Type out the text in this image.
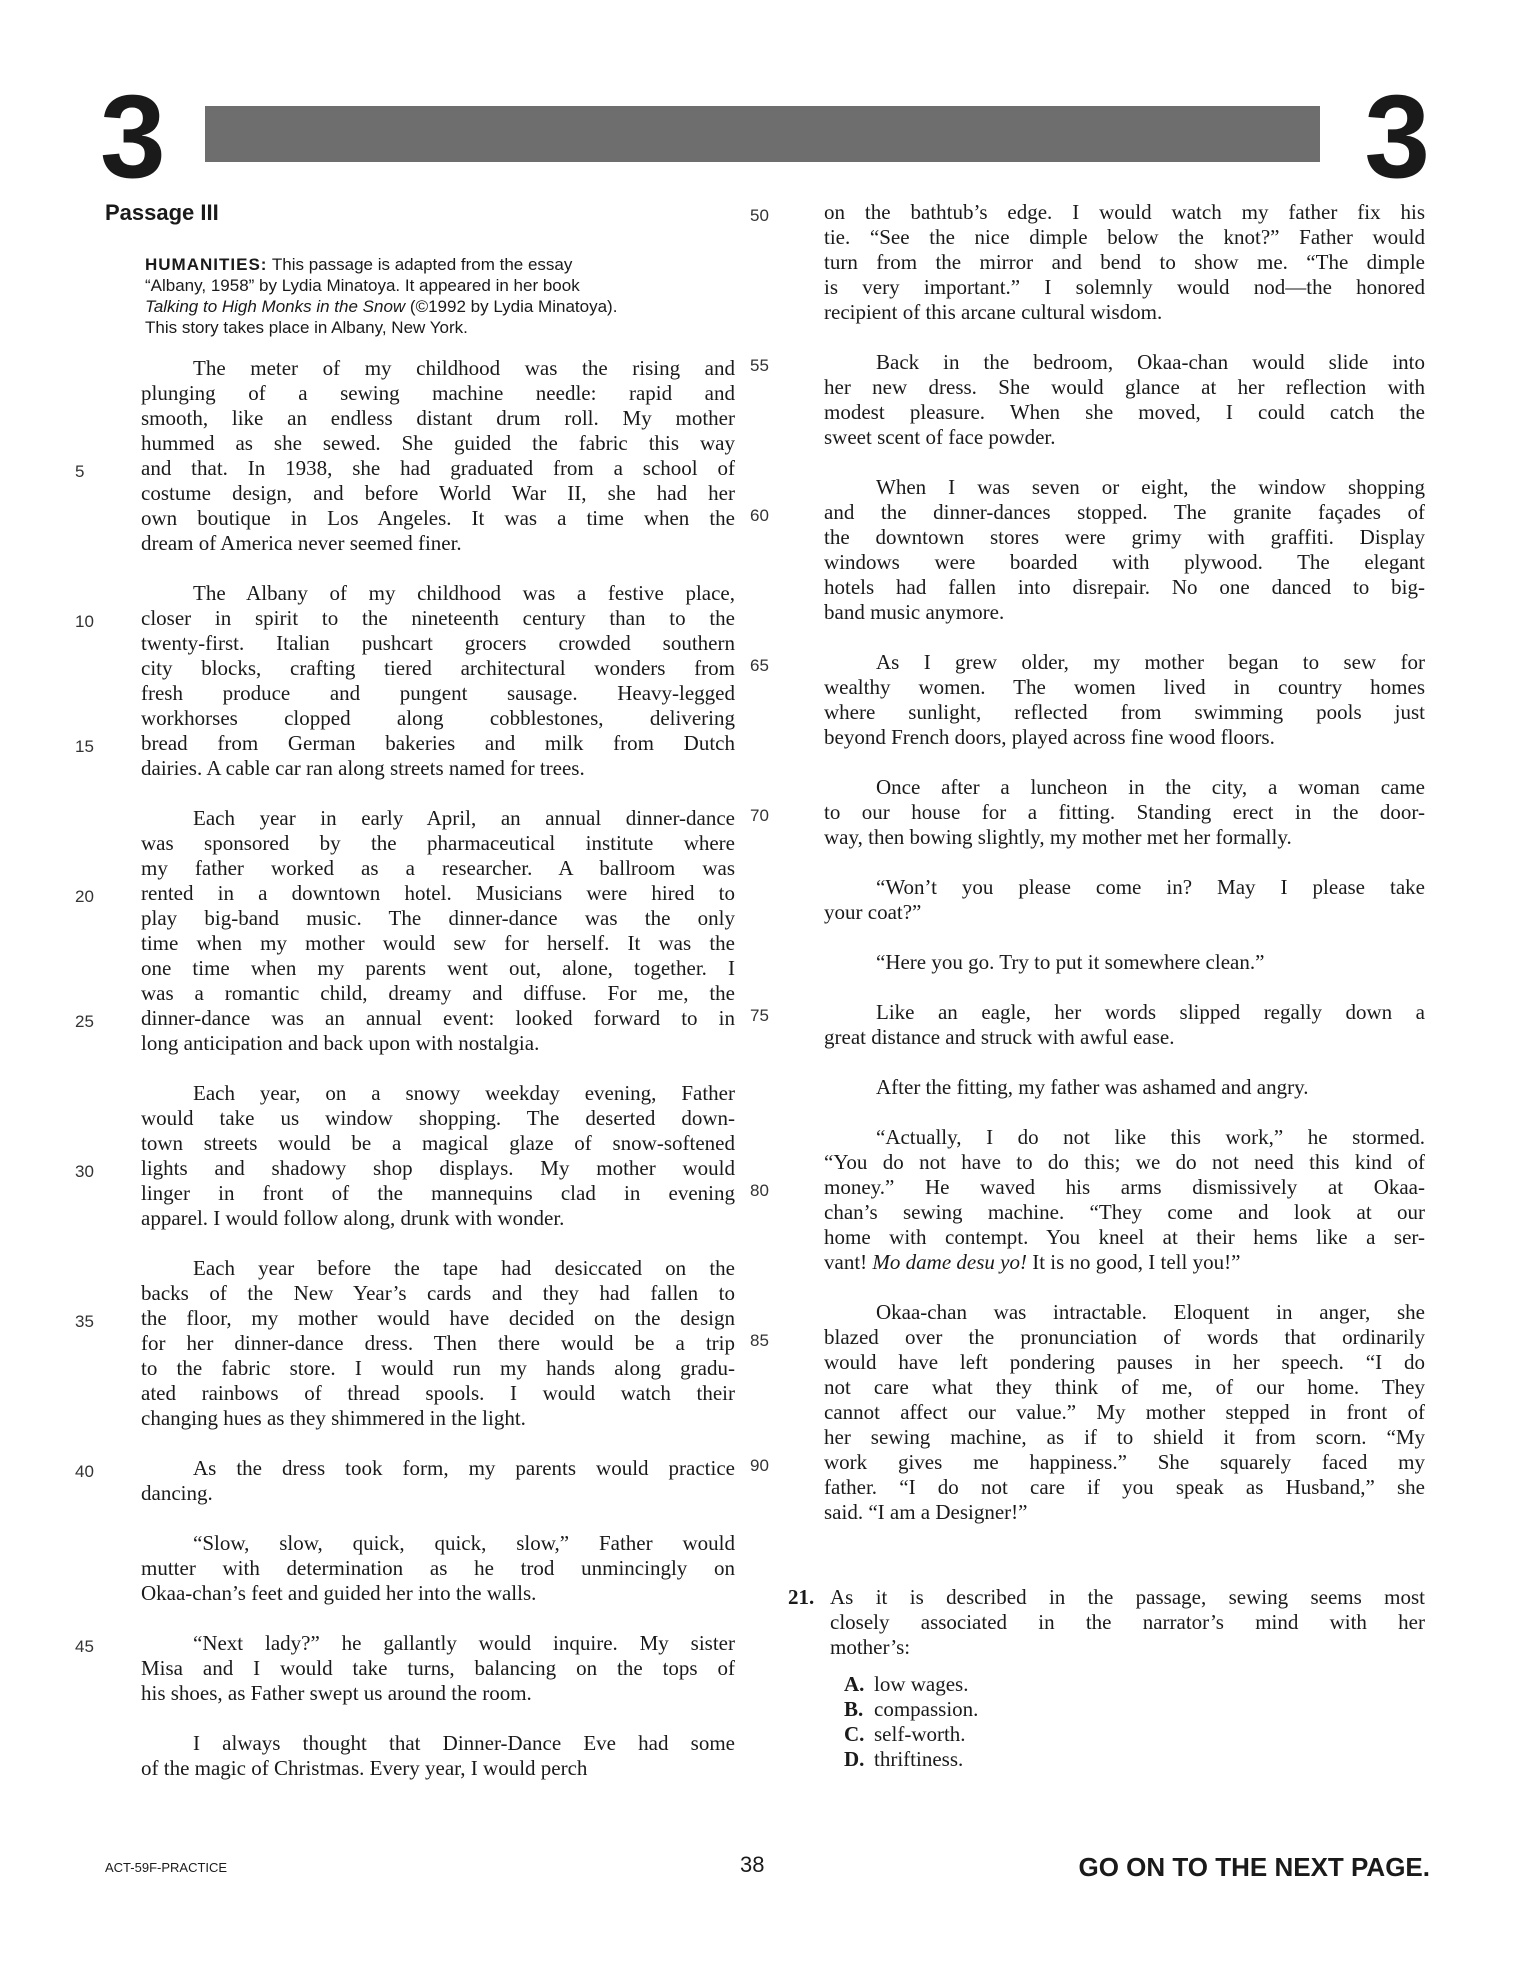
3	3
Passage III
HUMANITIES: This passage is adapted from the essay
“Albany, 1958” by Lydia Minatoya. It appeared in her book
Talking to High Monks in the Snow (©1992 by Lydia Minatoya).
This story takes place in Albany, New York.
The meter of my childhood was the rising and
plunging of a sewing machine needle: rapid and
smooth, like an endless distant drum roll. My mother
hummed as she sewed. She guided the fabric this way
and that. In 1938, she had graduated from a school of
5
costume design, and before World War II, she had her
own boutique in Los Angeles. It was a time when the
dream of America never seemed finer.
The Albany of my childhood was a festive place,
closer in spirit to the nineteenth century than to the
10
twenty-first. Italian pushcart grocers crowded southern
city blocks, crafting tiered architectural wonders from
fresh produce and pungent sausage. Heavy-legged
workhorses clopped along cobblestones, delivering
bread from German bakeries and milk from Dutch
15
dairies. A cable car ran along streets named for trees.
Each year in early April, an annual dinner-dance
was sponsored by the pharmaceutical institute where
my father worked as a researcher. A ballroom was
rented in a downtown hotel. Musicians were hired to
20
play big-band music. The dinner-dance was the only
time when my mother would sew for herself. It was the
one time when my parents went out, alone, together. I
was a romantic child, dreamy and diffuse. For me, the
dinner-dance was an annual event: looked forward to in
25
long anticipation and back upon with nostalgia.
Each year, on a snowy weekday evening, Father
would take us window shopping. The deserted down-
town streets would be a magical glaze of snow-softened
lights and shadowy shop displays. My mother would
30
linger in front of the mannequins clad in evening
apparel. I would follow along, drunk with wonder.
Each year before the tape had desiccated on the
backs of the New Year’s cards and they had fallen to
the floor, my mother would have decided on the design
35
for her dinner-dance dress. Then there would be a trip
to the fabric store. I would run my hands along gradu-
ated rainbows of thread spools. I would watch their
changing hues as they shimmered in the light.
As the dress took form, my parents would practice
40
dancing.
“Slow, slow, quick, quick, slow,” Father would
mutter with determination as he trod unmincingly on
Okaa-chan’s feet and guided her into the walls.
“Next lady?” he gallantly would inquire. My sister
45
Misa and I would take turns, balancing on the tops of
his shoes, as Father swept us around the room.
I always thought that Dinner-Dance Eve had some
of the magic of Christmas. Every year, I would perch
on the bathtub’s edge. I would watch my father fix his
50
tie. “See the nice dimple below the knot?” Father would
turn from the mirror and bend to show me. “The dimple
is very important.” I solemnly would nod—the honored
recipient of this arcane cultural wisdom.
Back in the bedroom, Okaa-chan would slide into
55
her new dress. She would glance at her reflection with
modest pleasure. When she moved, I could catch the
sweet scent of face powder.
When I was seven or eight, the window shopping
and the dinner-dances stopped. The granite façades of
60
the downtown stores were grimy with graffiti. Display
windows were boarded with plywood. The elegant
hotels had fallen into disrepair. No one danced to big-
band music anymore.
As I grew older, my mother began to sew for
65
wealthy women. The women lived in country homes
where sunlight, reflected from swimming pools just
beyond French doors, played across fine wood floors.
Once after a luncheon in the city, a woman came
to our house for a fitting. Standing erect in the door-
70
way, then bowing slightly, my mother met her formally.
“Won’t you please come in? May I please take
your coat?”
“Here you go. Try to put it somewhere clean.”
Like an eagle, her words slipped regally down a
75
great distance and struck with awful ease.
After the fitting, my father was ashamed and angry.
“Actually, I do not like this work,” he stormed.
“You do not have to do this; we do not need this kind of
money.” He waved his arms dismissively at Okaa-
80
chan’s sewing machine. “They come and look at our
home with contempt. You kneel at their hems like a ser-
vant! Mo dame desu yo! It is no good, I tell you!”
Okaa-chan was intractable. Eloquent in anger, she
blazed over the pronunciation of words that ordinarily
85
would have left pondering pauses in her speech. “I do
not care what they think of me, of our home. They
cannot affect our value.” My mother stepped in front of
her sewing machine, as if to shield it from scorn. “My
work gives me happiness.” She squarely faced my
90
father. “I do not care if you speak as Husband,” she
said. “I am a Designer!”
21. As it is described in the passage, sewing seems most
closely associated in the narrator’s mind with her
mother’s:
A. low wages.
B. compassion.
C. self-worth.
D. thriftiness.
ACT-59F-PRACTICE	38	GO ON TO THE NEXT PAGE.
